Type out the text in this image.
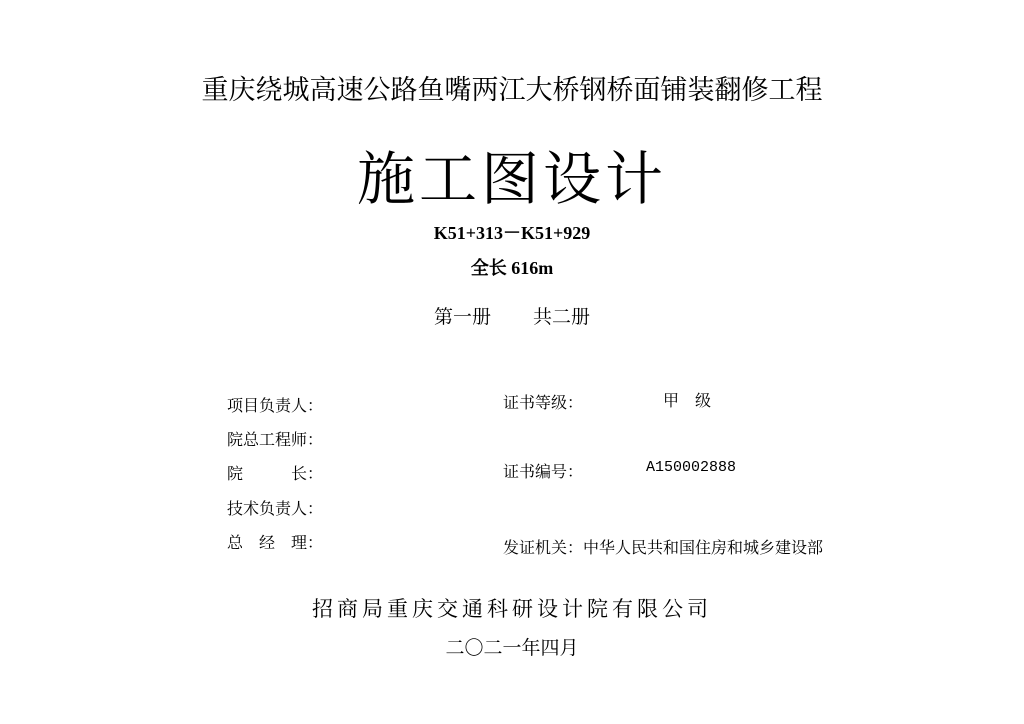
重庆绕城高速公路鱼嘴两江大桥钢桥面铺装翻修工程
施工图设计
K51+313－K51+929
全长 616m
第一册 共二册
项目负责人：
院总工程师：
院　　　长：
技术负责人：
总　经　理：
证书等级：	甲　级
证书编号：	A150002888
发证机关： 中华人民共和国住房和城乡建设部
招商局重庆交通科研设计院有限公司
二〇二一年四月
